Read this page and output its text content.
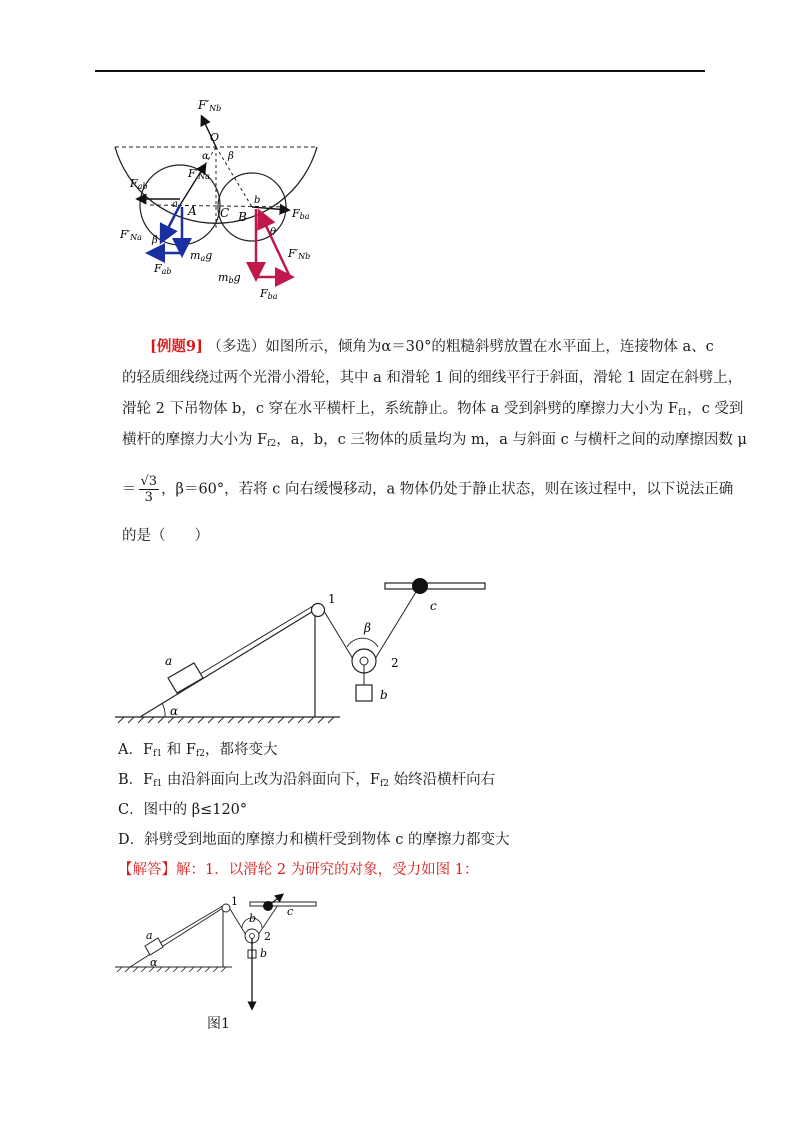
F′Nb
O
α β
F′Na
Fab
a A C B
b
Fba
F′Na β
Fab
mag	F′Nb
θ
mbg
Fba
[例题9] （多选）如图所示，倾角为α＝30°的粗糙斜劈放置在水平面上，连接物体 a、c
的轻质细线绕过两个光滑小滑轮，其中 a 和滑轮 1 间的细线平行于斜面，滑轮 1 固定在斜劈上，
滑轮 2 下吊物体 b，c 穿在水平横杆上，系统静止。物体 a 受到斜劈的摩擦力大小为 $F_{f1}$，c 受到
横杆的摩擦力大小为 $F_{f2}$，a，b，c 三物体的质量均为 m，a 与斜面 c 与横杆之间的动摩擦因数 μ
＝ $\frac{√3}{3}$ ，β＝60°，若将 c 向右缓慢移动，a 物体仍处于静止状态，则在该过程中，以下说法正确
的是（　　）
1
2
β
a
α
b
c
A．$F_{f1}$ 和 $F_{f2}$，都将变大
B．$F_{f1}$ 由沿斜面向上改为沿斜面向下，$F_{f2}$ 始终沿横杆向右
C．图中的 β≤120°
D．斜劈受到地面的摩擦力和横杆受到物体 c 的摩擦力都变大
【解答】解：1．以滑轮 2 为研究的对象，受力如图 1：
1
2
b
c
a
α
b
图1
